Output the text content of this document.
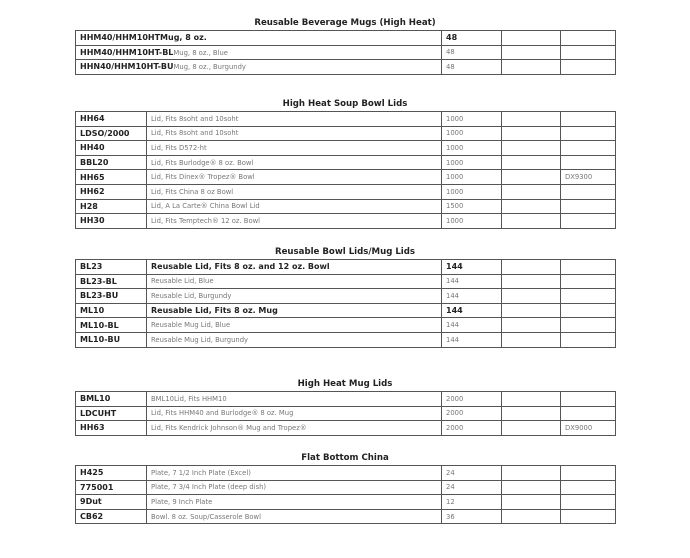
Reusable Beverage Mugs (High Heat)
HHM40/HHM10HTMug, 8 oz.	48		
HHM40/HHM10HT-BLMug, 8 oz., Blue	48		
HHN40/HHM10HT-BUMug, 8 oz., Burgundy	48		
High Heat Soup Bowl Lids
HH64	Lid, Fits 8soht and 10soht	1000		
LDSO/2000	Lid, Fits 8soht and 10soht	1000		
HH40	Lid, Fits D572-ht	1000		
BBL20	Lid, Fits Burlodge® 8 oz. Bowl	1000		
HH65	Lid, Fits Dinex® Tropez® Bowl	1000		DX9300
HH62	Lid, Fits China 8 oz Bowl	1000		
H28	Lid, A La Carte® China Bowl Lid	1500		
HH30	Lid, Fits Temptech® 12 oz. Bowl	1000		
Reusable Bowl Lids/Mug Lids
BL23	Reusable Lid, Fits 8 oz. and 12 oz. Bowl	144		
BL23-BL	Reusable Lid, Blue	144		
BL23-BU	Reusable Lid, Burgundy	144		
ML10	Reusable Lid, Fits 8 oz. Mug	144		
ML10-BL	Reusable Mug Lid, Blue	144		
ML10-BU	Reusable Mug Lid, Burgundy	144		
High Heat Mug Lids
BML10	BML10Lid, Fits HHM10	2000		
LDCUHT	Lid, Fits HHM40 and Burlodge® 8 oz. Mug	2000		
HH63	Lid, Fits Kendrick Johnson® Mug and Tropez®	2000		DX9000
Flat Bottom China
H425	Plate, 7 1/2 Inch Plate (Excel)	24		
775001	Plate, 7 3/4 Inch Plate (deep dish)	24		
9Dut	Plate, 9 Inch Plate	12		
CB62	Bowl. 8 oz. Soup/Casserole Bowl	36		
